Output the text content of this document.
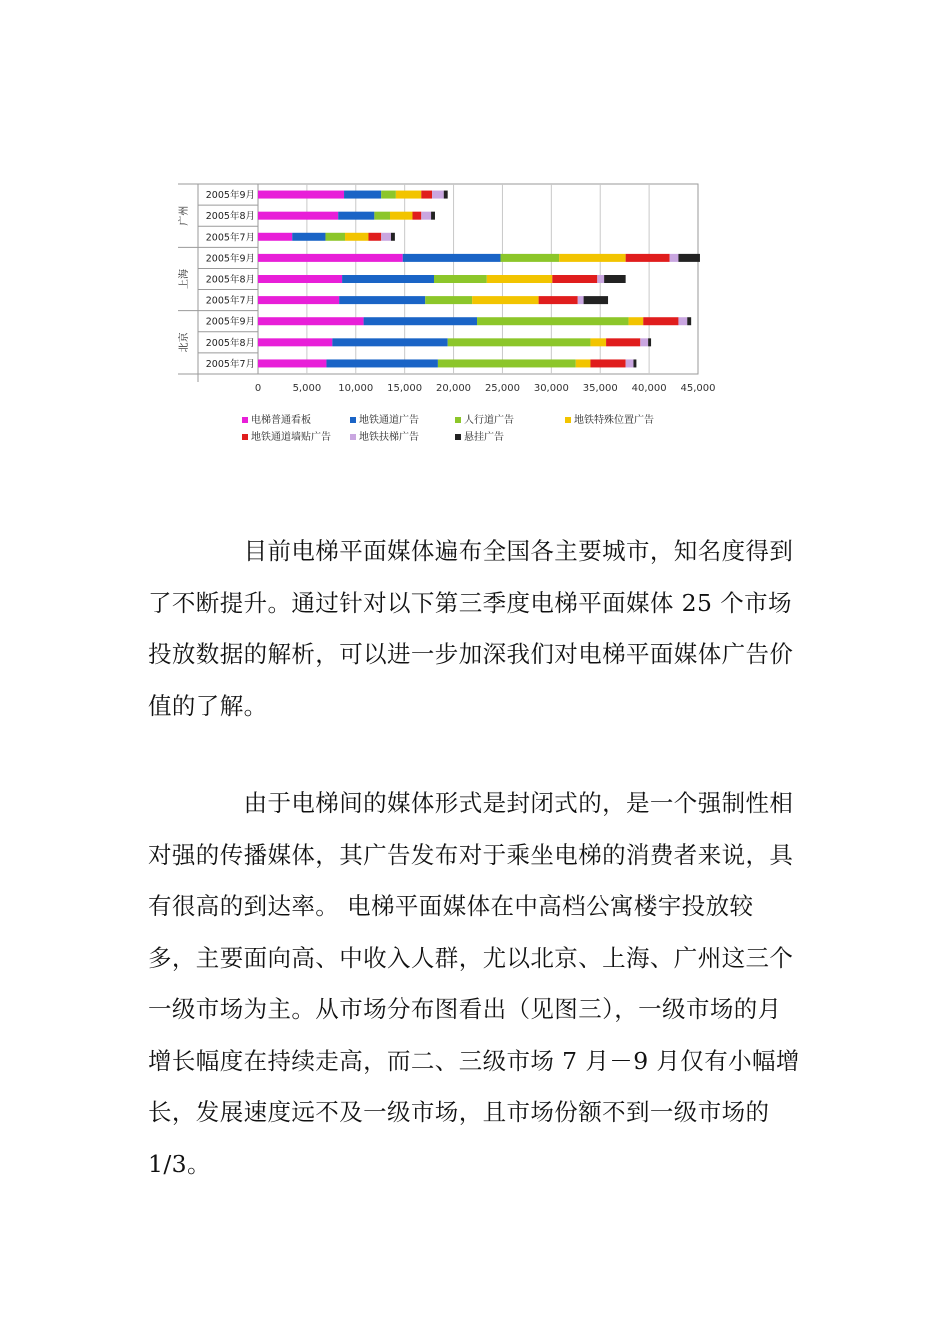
0	5,000 10,000 15,000 20,000 25,000 30,000 35,000 40,000 45,000
2005年9月
2005年8月
2005年7月
2005年9月
2005年8月
2005年7月
2005年9月
2005年8月
2005年7月
广州
上海
北京
电梯普通看板	地铁通道广告	人行道广告	地铁特殊位置广告
地铁通道墙贴广告	地铁扶梯广告	悬挂广告

　　　　目前电梯平面媒体遍布全国各主要城市，知名度得到
了不断提升。通过针对以下第三季度电梯平面媒体 25 个市场
投放数据的解析，可以进一步加深我们对电梯平面媒体广告价
值的了解。

　　　　由于电梯间的媒体形式是封闭式的，是一个强制性相
对强的传播媒体，其广告发布对于乘坐电梯的消费者来说，具
有很高的到达率。 电梯平面媒体在中高档公寓楼宇投放较
多，主要面向高、中收入人群，尤以北京、上海、广州这三个
一级市场为主。从市场分布图看出（见图三），一级市场的月
增长幅度在持续走高，而二、三级市场 7 月－9 月仅有小幅增
长，发展速度远不及一级市场，且市场份额不到一级市场的
1/3。
